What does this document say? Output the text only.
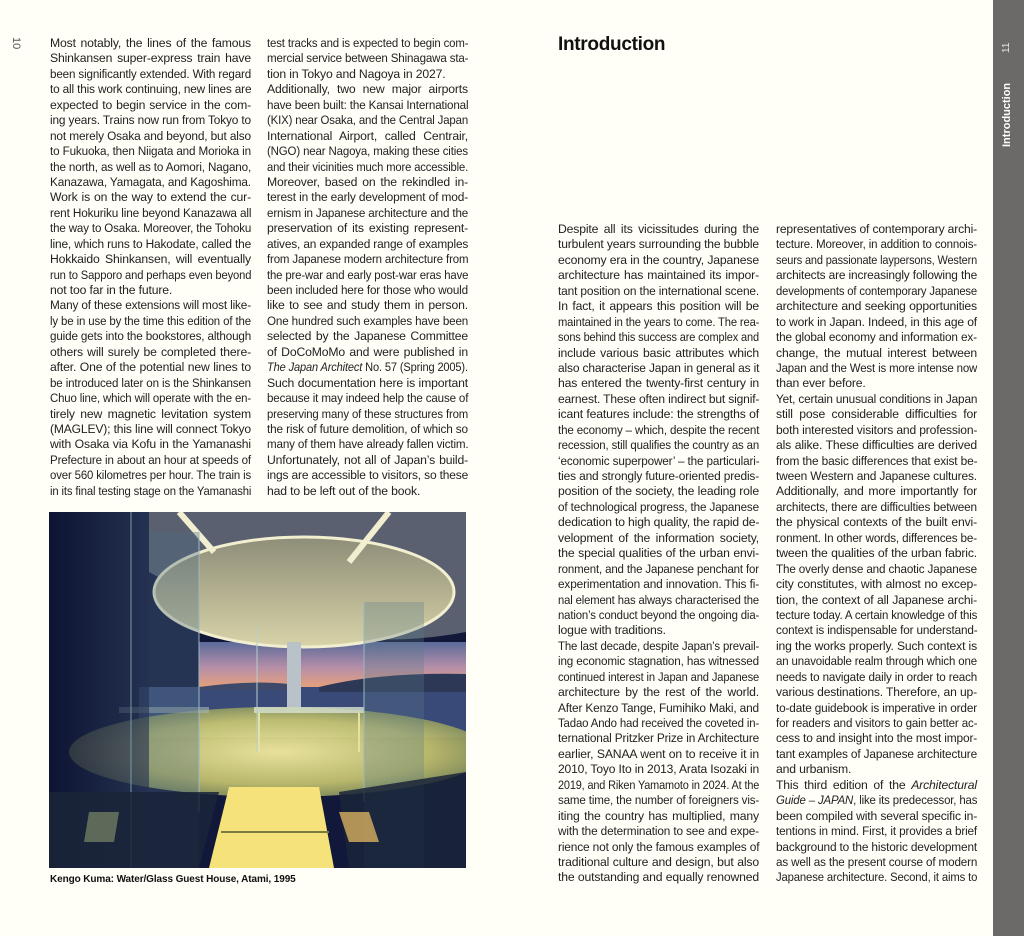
10 Most notably, the lines of the famous
Shinkansen super-express train have
been significantly extended. With regard
to all this work continuing, new lines are
expected to begin service in the com-
ing years. Trains now run from Tokyo to
not merely Osaka and beyond, but also
to Fukuoka, then Niigata and Morioka in
the north, as well as to Aomori, Nagano,
Kanazawa, Yamagata, and Kagoshima.
Work is on the way to extend the cur-
rent Hokuriku line beyond Kanazawa all
the way to Osaka. Moreover, the Tohoku
line, which runs to Hakodate, called the
Hokkaido Shinkansen, will eventually
run to Sapporo and perhaps even beyond
not too far in the future.
Many of these extensions will most like-
ly be in use by the time this edition of the
guide gets into the bookstores, although
others will surely be completed there-
after. One of the potential new lines to
be introduced later on is the Shinkansen
Chuo line, which will operate with the en-
tirely new magnetic levitation system
(MAGLEV); this line will connect Tokyo
with Osaka via Kofu in the Yamanashi
Prefecture in about an hour at speeds of
over 560 kilometres per hour. The train is
in its final testing stage on the Yamanashi
test tracks and is expected to begin com-
mercial service between Shinagawa sta-
tion in Tokyo and Nagoya in 2027.
Additionally, two new major airports
have been built: the Kansai International
(KIX) near Osaka, and the Central Japan
International Airport, called Centrair,
(NGO) near Nagoya, making these cities
and their vicinities much more accessible.
Moreover, based on the rekindled in-
terest in the early development of mod-
ernism in Japanese architecture and the
preservation of its existing represent-
atives, an expanded range of examples
from Japanese modern architecture from
the pre-war and early post-war eras have
been included here for those who would
like to see and study them in person.
One hundred such examples have been
selected by the Japanese Committee
of DoCoMoMo and were published in
The Japan Architect No. 57 (Spring 2005).
Such documentation here is important
because it may indeed help the cause of
preserving many of these structures from
the risk of future demolition, of which so
many of them have already fallen victim.
Unfortunately, not all of Japan’s build-
ings are accessible to visitors, so these
had to be left out of the book.
Kengo Kuma: Water/Glass Guest House, Atami, 1995
Introduction
Despite all its vicissitudes during the
turbulent years surrounding the bubble
economy era in the country, Japanese
architecture has maintained its impor-
tant position on the international scene.
In fact, it appears this position will be
maintained in the years to come. The rea-
sons behind this success are complex and
include various basic attributes which
also characterise Japan in general as it
has entered the twenty-first century in
earnest. These often indirect but signif-
icant features include: the strengths of
the economy – which, despite the recent
recession, still qualifies the country as an
‘economic superpower’ – the particulari-
ties and strongly future-oriented predis-
position of the society, the leading role
of technological progress, the Japanese
dedication to high quality, the rapid de-
velopment of the information society,
the special qualities of the urban envi-
ronment, and the Japanese penchant for
experimentation and innovation. This fi-
nal element has always characterised the
nation’s conduct beyond the ongoing dia-
logue with traditions.
The last decade, despite Japan’s prevail-
ing economic stagnation, has witnessed
continued interest in Japan and Japanese
architecture by the rest of the world.
After Kenzo Tange, Fumihiko Maki, and
Tadao Ando had received the coveted in-
ternational Pritzker Prize in Architecture
earlier, SANAA went on to receive it in
2010, Toyo Ito in 2013, Arata Isozaki in
2019, and Riken Yamamoto in 2024. At the
same time, the number of foreigners vis-
iting the country has multiplied, many
with the determination to see and expe-
rience not only the famous examples of
traditional culture and design, but also
the outstanding and equally renowned
representatives of contemporary archi-
tecture. Moreover, in addition to connois-
seurs and passionate laypersons, Western
architects are increasingly following the
developments of contemporary Japanese
architecture and seeking opportunities
to work in Japan. Indeed, in this age of
the global economy and information ex-
change, the mutual interest between
Japan and the West is more intense now
than ever before.
Yet, certain unusual conditions in Japan
still pose considerable difficulties for
both interested visitors and profession-
als alike. These difficulties are derived
from the basic differences that exist be-
tween Western and Japanese cultures.
Additionally, and more importantly for
architects, there are difficulties between
the physical contexts of the built envi-
ronment. In other words, differences be-
tween the qualities of the urban fabric.
The overly dense and chaotic Japanese
city constitutes, with almost no excep-
tion, the context of all Japanese archi-
tecture today. A certain knowledge of this
context is indispensable for understand-
ing the works properly. Such context is
an unavoidable realm through which one
needs to navigate daily in order to reach
various destinations. Therefore, an up-
to-date guidebook is imperative in order
for readers and visitors to gain better ac-
cess to and insight into the most impor-
tant examples of Japanese architecture
and urbanism.
This third edition of the Architectural
Guide – JAPAN, like its predecessor, has
been compiled with several specific in-
tentions in mind. First, it provides a brief
background to the historic development
as well as the present course of modern
Japanese architecture. Second, it aims to
11
Introduction
